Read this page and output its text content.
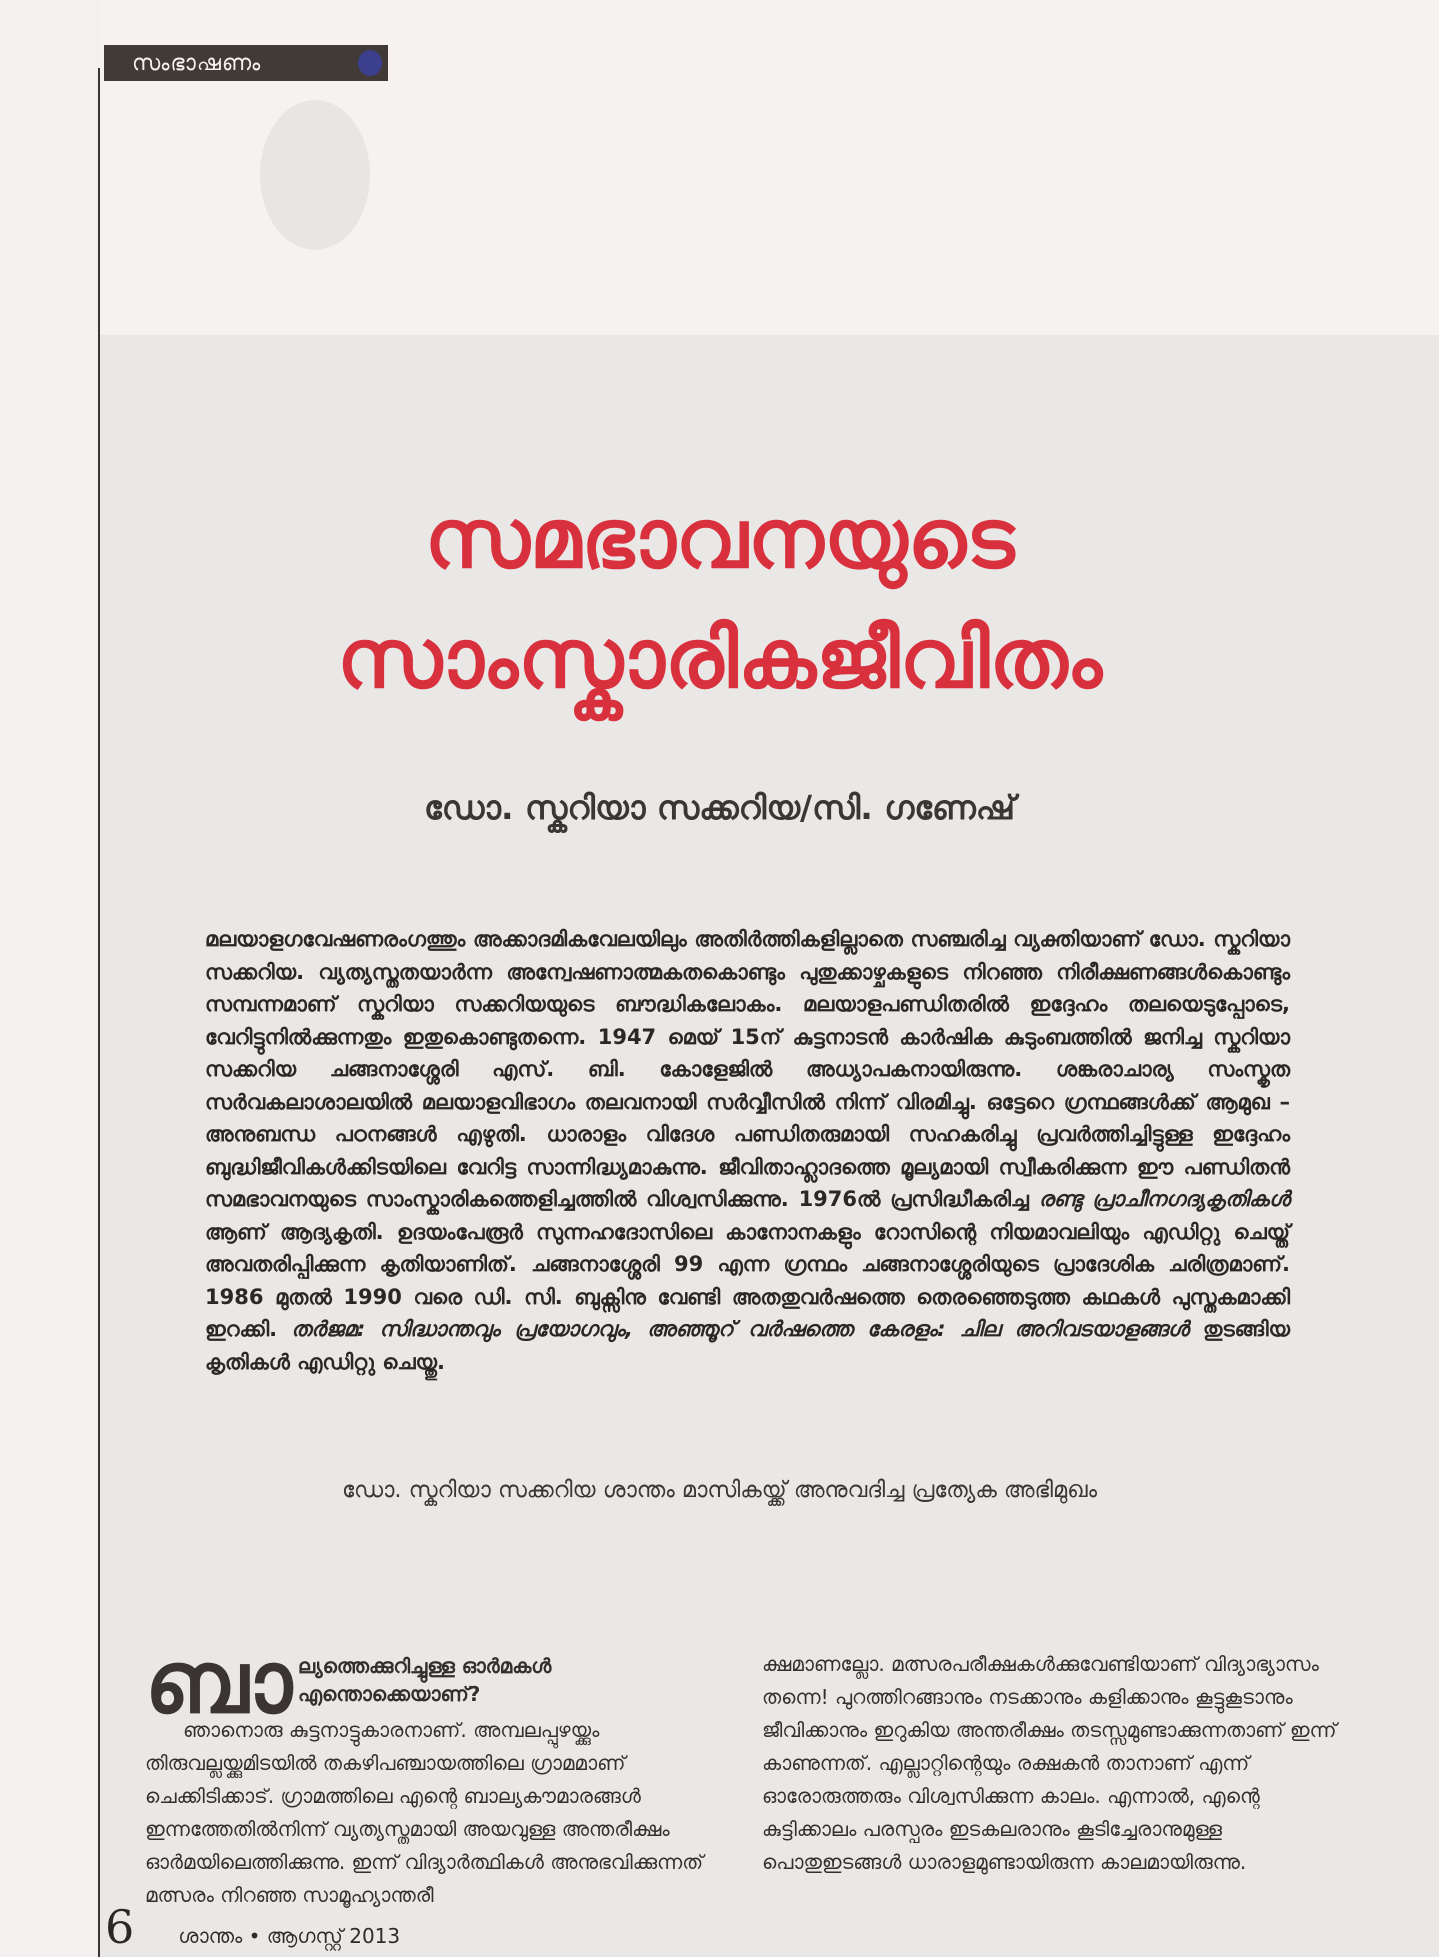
സംഭാഷണം
സമഭാവനയുടെ
സാംസ്കാരികജീവിതം
ഡോ. സ്കറിയാ സക്കറിയ/സി. ഗണേഷ്

മലയാളഗവേഷണരംഗത്തും അക്കാദമികവേലയിലും അതിർത്തികളില്ലാതെ സഞ്ചരിച്ച വ്യക്തിയാണ് ഡോ. സ്കറിയാ സക്കറിയ. വ്യത്യസ്തതയാർന്ന അന്വേഷണാത്മകതകൊണ്ടും പുതുക്കാഴ്ചകളുടെ നിറഞ്ഞ നിരീക്ഷണങ്ങൾകൊണ്ടും സമ്പന്നമാണ് സ്കറിയാ സക്കറിയയുടെ ബൗദ്ധികലോകം. മലയാളപണ്ഡിതരിൽ ഇദ്ദേഹം തലയെടുപ്പോടെ, വേറിട്ടുനിൽക്കുന്നതും ഇതുകൊണ്ടുതന്നെ. 1947 മെയ് 15ന് കുട്ടനാടൻ കാർഷിക കുടുംബത്തിൽ ജനിച്ച സ്കറിയാ സക്കറിയ ചങ്ങനാശ്ശേരി എസ്. ബി. കോളേജിൽ അധ്യാപകനായിരുന്നു. ശങ്കരാചാര്യ സംസ്കൃത സർവകലാശാലയിൽ മലയാളവിഭാഗം തലവനായി സർവ്വീസിൽ നിന്ന് വിരമിച്ചു. ഒട്ടേറെ ഗ്രന്ഥങ്ങൾക്ക് ആമുഖ – അനുബന്ധ പഠനങ്ങൾ എഴുതി. ധാരാളം വിദേശ പണ്ഡിതരുമായി സഹകരിച്ചു പ്രവർത്തിച്ചിട്ടുള്ള ഇദ്ദേഹം ബുദ്ധിജീവികൾക്കിടയിലെ വേറിട്ട സാന്നിദ്ധ്യമാകുന്നു. ജീവിതാഹ്ലാദത്തെ മൂല്യമായി സ്വീകരിക്കുന്ന ഈ പണ്ഡിതൻ സമഭാവനയുടെ സാംസ്കാരികത്തെളിച്ചത്തിൽ വിശ്വസിക്കുന്നു. 1976ൽ പ്രസിദ്ധീകരിച്ച രണ്ടു പ്രാചീനഗദ്യകൃതികൾ ആണ് ആദ്യകൃതി. ഉദയംപേരൂർ സുന്നഹദോസിലെ കാനോനകളും റോസിന്റെ നിയമാവലിയും എഡിറ്റു ചെയ്ത് അവതരിപ്പിക്കുന്ന കൃതിയാണിത്. ചങ്ങനാശ്ശേരി 99 എന്ന ഗ്രന്ഥം ചങ്ങനാശ്ശേരിയുടെ പ്രാദേശിക ചരിത്രമാണ്. 1986 മുതൽ 1990 വരെ ഡി. സി. ബുക്സിനു വേണ്ടി അതതുവർഷത്തെ തെരഞ്ഞെടുത്ത കഥകൾ പുസ്തകമാക്കി ഇറക്കി. തർജമ: സിദ്ധാന്തവും പ്രയോഗവും, അഞ്ഞൂറ് വർഷത്തെ കേരളം: ചില അറിവടയാളങ്ങൾ തുടങ്ങിയ കൃതികൾ എഡിറ്റു ചെയ്തു.

ഡോ. സ്കറിയാ സക്കറിയ ശാന്തം മാസികയ്ക്ക് അനുവദിച്ച പ്രത്യേക അഭിമുഖം
ബാ ല്യത്തെക്കുറിച്ചുള്ള ഓർമകൾ എന്തൊക്കെയാണ്?

ഞാനൊരു കുട്ടനാട്ടുകാരനാണ്. അമ്പലപ്പുഴയ്ക്കും തിരുവല്ലയ്ക്കുമിടയിൽ തകഴിപഞ്ചായത്തിലെ ഗ്രാമമാണ് ചെക്കിടിക്കാട്. ഗ്രാമത്തിലെ എന്റെ ബാല്യകൗമാരങ്ങൾ ഇന്നത്തേതിൽനിന്ന് വ്യത്യസ്തമായി അയവുള്ള അന്തരീക്ഷം ഓർമയിലെത്തിക്കുന്നു. ഇന്ന് വിദ്യാർത്ഥികൾ അനുഭവിക്കുന്നത് മത്സരം നിറഞ്ഞ സാമൂഹ്യാന്തരീ

ക്ഷമാണല്ലോ. മത്സരപരീക്ഷകൾക്കുവേണ്ടിയാണ് വിദ്യാഭ്യാസം തന്നെ! പുറത്തിറങ്ങാനും നടക്കാനും കളിക്കാനും കൂട്ടുകൂടാനും ജീവിക്കാനും ഇറുകിയ അന്തരീക്ഷം തടസ്സമുണ്ടാക്കുന്നതാണ് ഇന്ന് കാണുന്നത്. എല്ലാറ്റിന്റെയും രക്ഷകൻ താനാണ് എന്ന് ഓരോരുത്തരും വിശ്വസിക്കുന്ന കാലം. എന്നാൽ, എന്റെ കുട്ടിക്കാലം പരസ്പരം ഇടകലരാനും കൂടിച്ചേരാനുമുള്ള പൊതുഇടങ്ങൾ ധാരാളമുണ്ടായിരുന്ന കാലമായിരുന്നു.

6 ശാന്തം • ആഗസ്റ്റ് 2013
